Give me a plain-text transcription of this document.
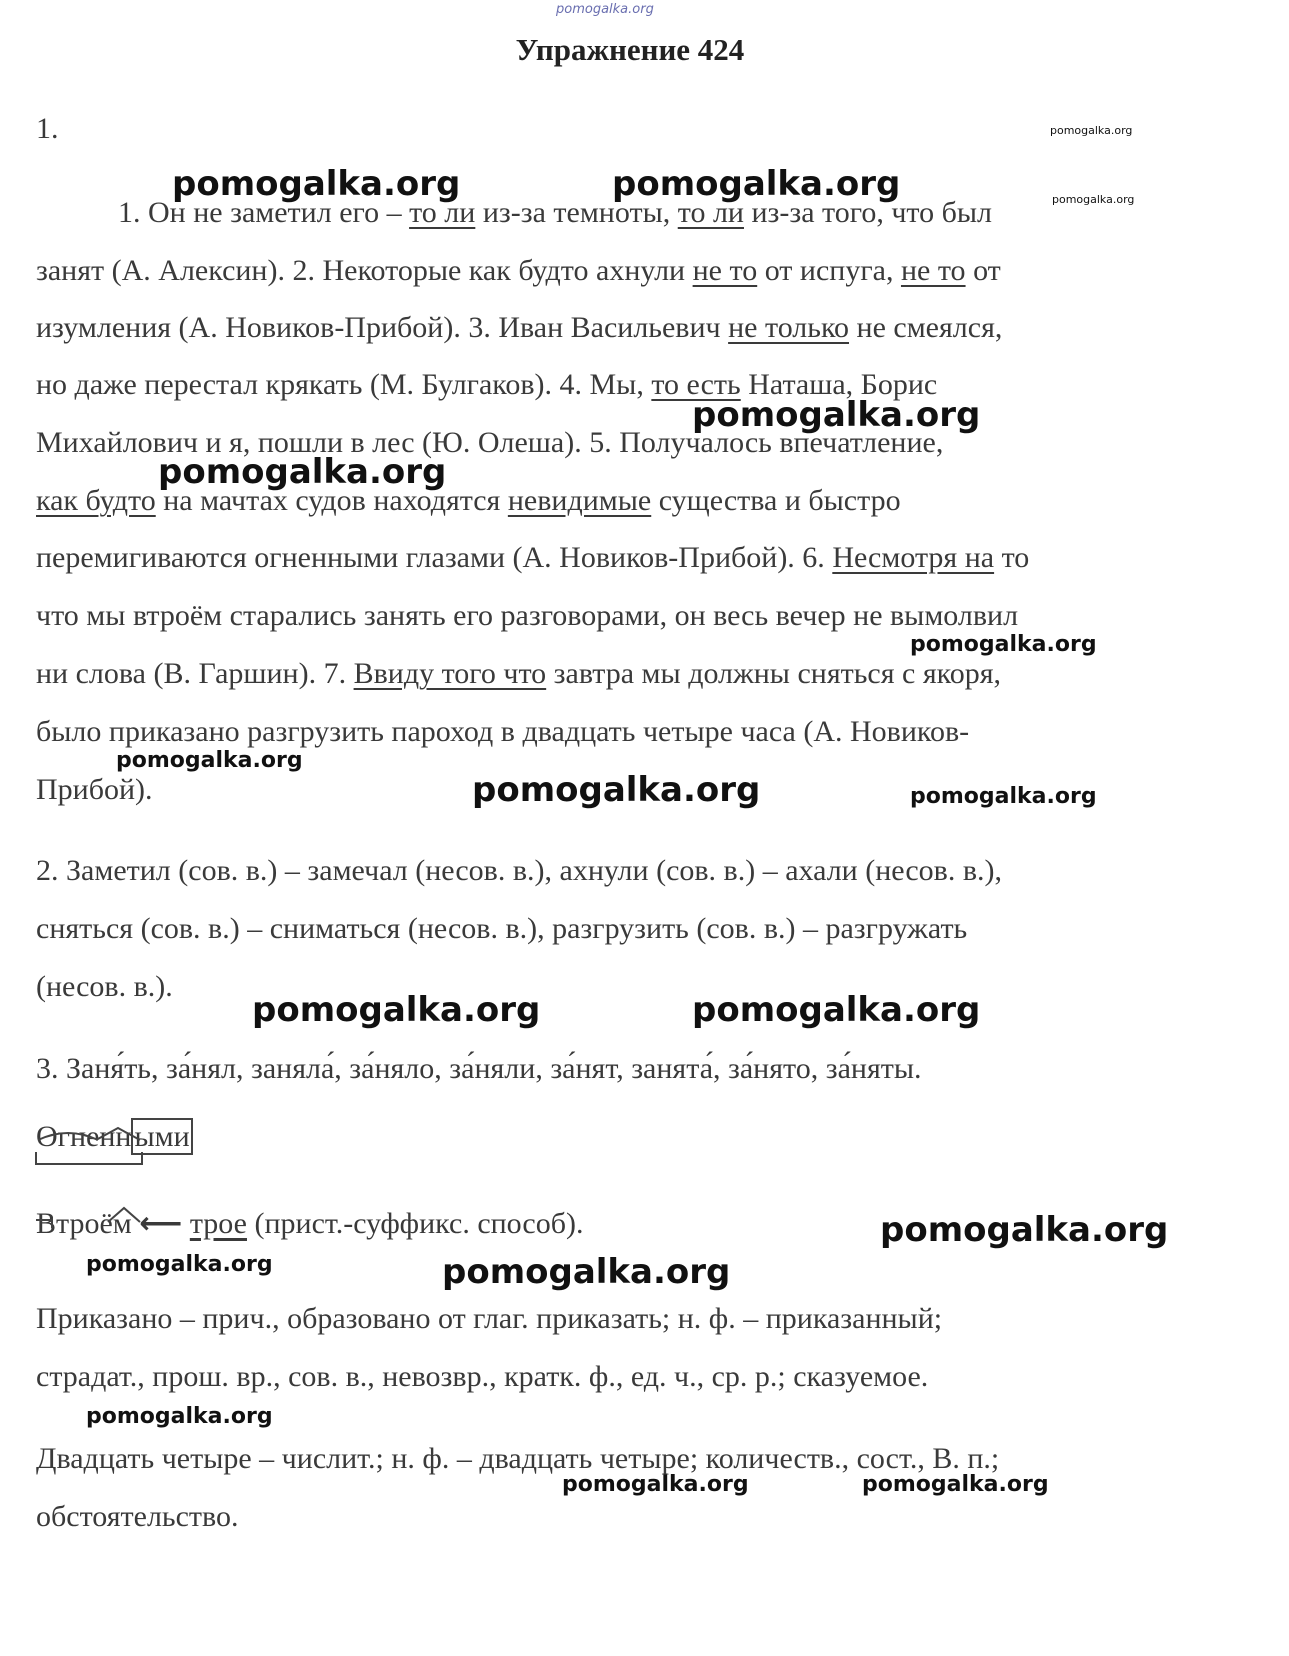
pomogalka.org
pomogalka.org
pomogalka.org
pomogalka.org	pomogalka.org
pomogalka.org
pomogalka.org
pomogalka.org
pomogalka.org
pomogalka.org	pomogalka.org
pomogalka.org	pomogalka.org
pomogalka.org
pomogalka.org	pomogalka.org
pomogalka.org
pomogalka.org	pomogalka.org
Упражнение 424
1.
1. Он не заметил его – то ли из-за темноты, то ли из-за того, что был
занят (А. Алексин). 2. Некоторые как будто ахнули не то от испуга, не то от
изумления (А. Новиков-Прибой). 3. Иван Васильевич не только не смеялся,
но даже перестал крякать (М. Булгаков). 4. Мы, то есть Наташа, Борис
Михайлович и я, пошли в лес (Ю. Олеша). 5. Получалось впечатление,
как будто на мачтах судов находятся невидимые существа и быстро
перемигиваются огненными глазами (А. Новиков-Прибой). 6. Несмотря на то
что мы втроём старались занять его разговорами, он весь вечер не вымолвил
ни слова (В. Гаршин). 7. Ввиду того что завтра мы должны сняться с якоря,
было приказано разгрузить пароход в двадцать четыре часа (А. Новиков-
Прибой).
2. Заметил (сов. в.) – замечал (несов. в.), ахнули (сов. в.) – ахали (несов. в.),
сняться (сов. в.) – сниматься (несов. в.), разгрузить (сов. в.) – разгружать
(несов. в.).
3. Заня́ть, за́нял, заняла́, за́няло, за́няли, за́нят, занята́, за́нято, за́няты.
Огненн ыми
Втроём ⟵ трое (прист.-суффикс. способ).
Приказано – прич., образовано от глаг. приказать; н. ф. – приказанный;
страдат., прош. вр., сов. в., невозвр., кратк. ф., ед. ч., ср. р.; сказуемое.
Двадцать четыре – числит.; н. ф. – двадцать четыре; количеств., сост., В. п.;
обстоятельство.
